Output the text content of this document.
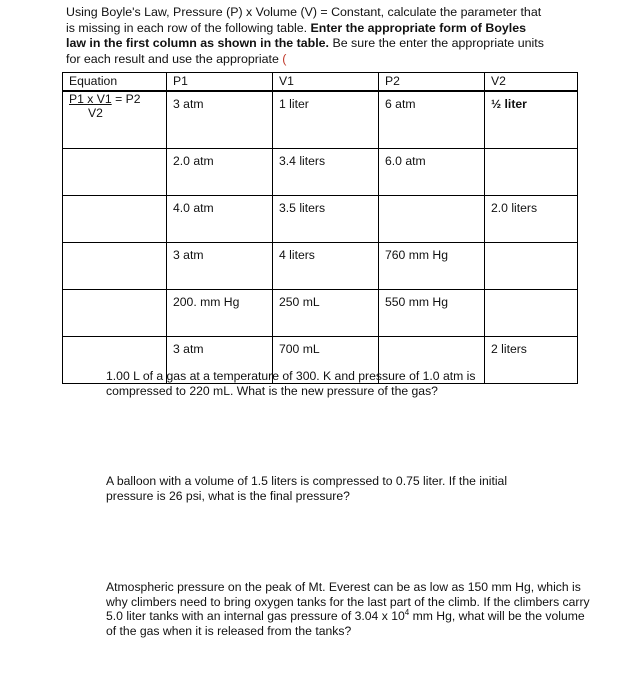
Using Boyle's Law, Pressure (P) x Volume (V) = Constant, calculate the parameter that
is missing in each row of the following table. Enter the appropriate form of Boyles
law in the first column as shown in the table. Be sure the enter the appropriate units
for each result and use the appropriate (
Equation	P1	V1	P2	V2
P1 x V1 = P2
V2	3 atm	1 liter	6 atm	½ liter
	2.0 atm	3.4 liters	6.0 atm	
	4.0 atm	3.5 liters		2.0 liters
	3 atm	4 liters	760 mm Hg	
	200. mm Hg	250 mL	550 mm Hg	
	3 atm	700 mL		2 liters
1.00 L of a gas at a temperature of 300. K and pressure of 1.0 atm is compressed to 220 mL. What is the new pressure of the gas?
A balloon with a volume of 1.5 liters is compressed to 0.75 liter. If the initial pressure is 26 psi, what is the final pressure?
Atmospheric pressure on the peak of Mt. Everest can be as low as 150 mm Hg, which is why climbers need to bring oxygen tanks for the last part of the climb. If the climbers carry 5.0 liter tanks with an internal gas pressure of 3.04 x $10^4$ mm Hg, what will be the volume of the gas when it is released from the tanks?
